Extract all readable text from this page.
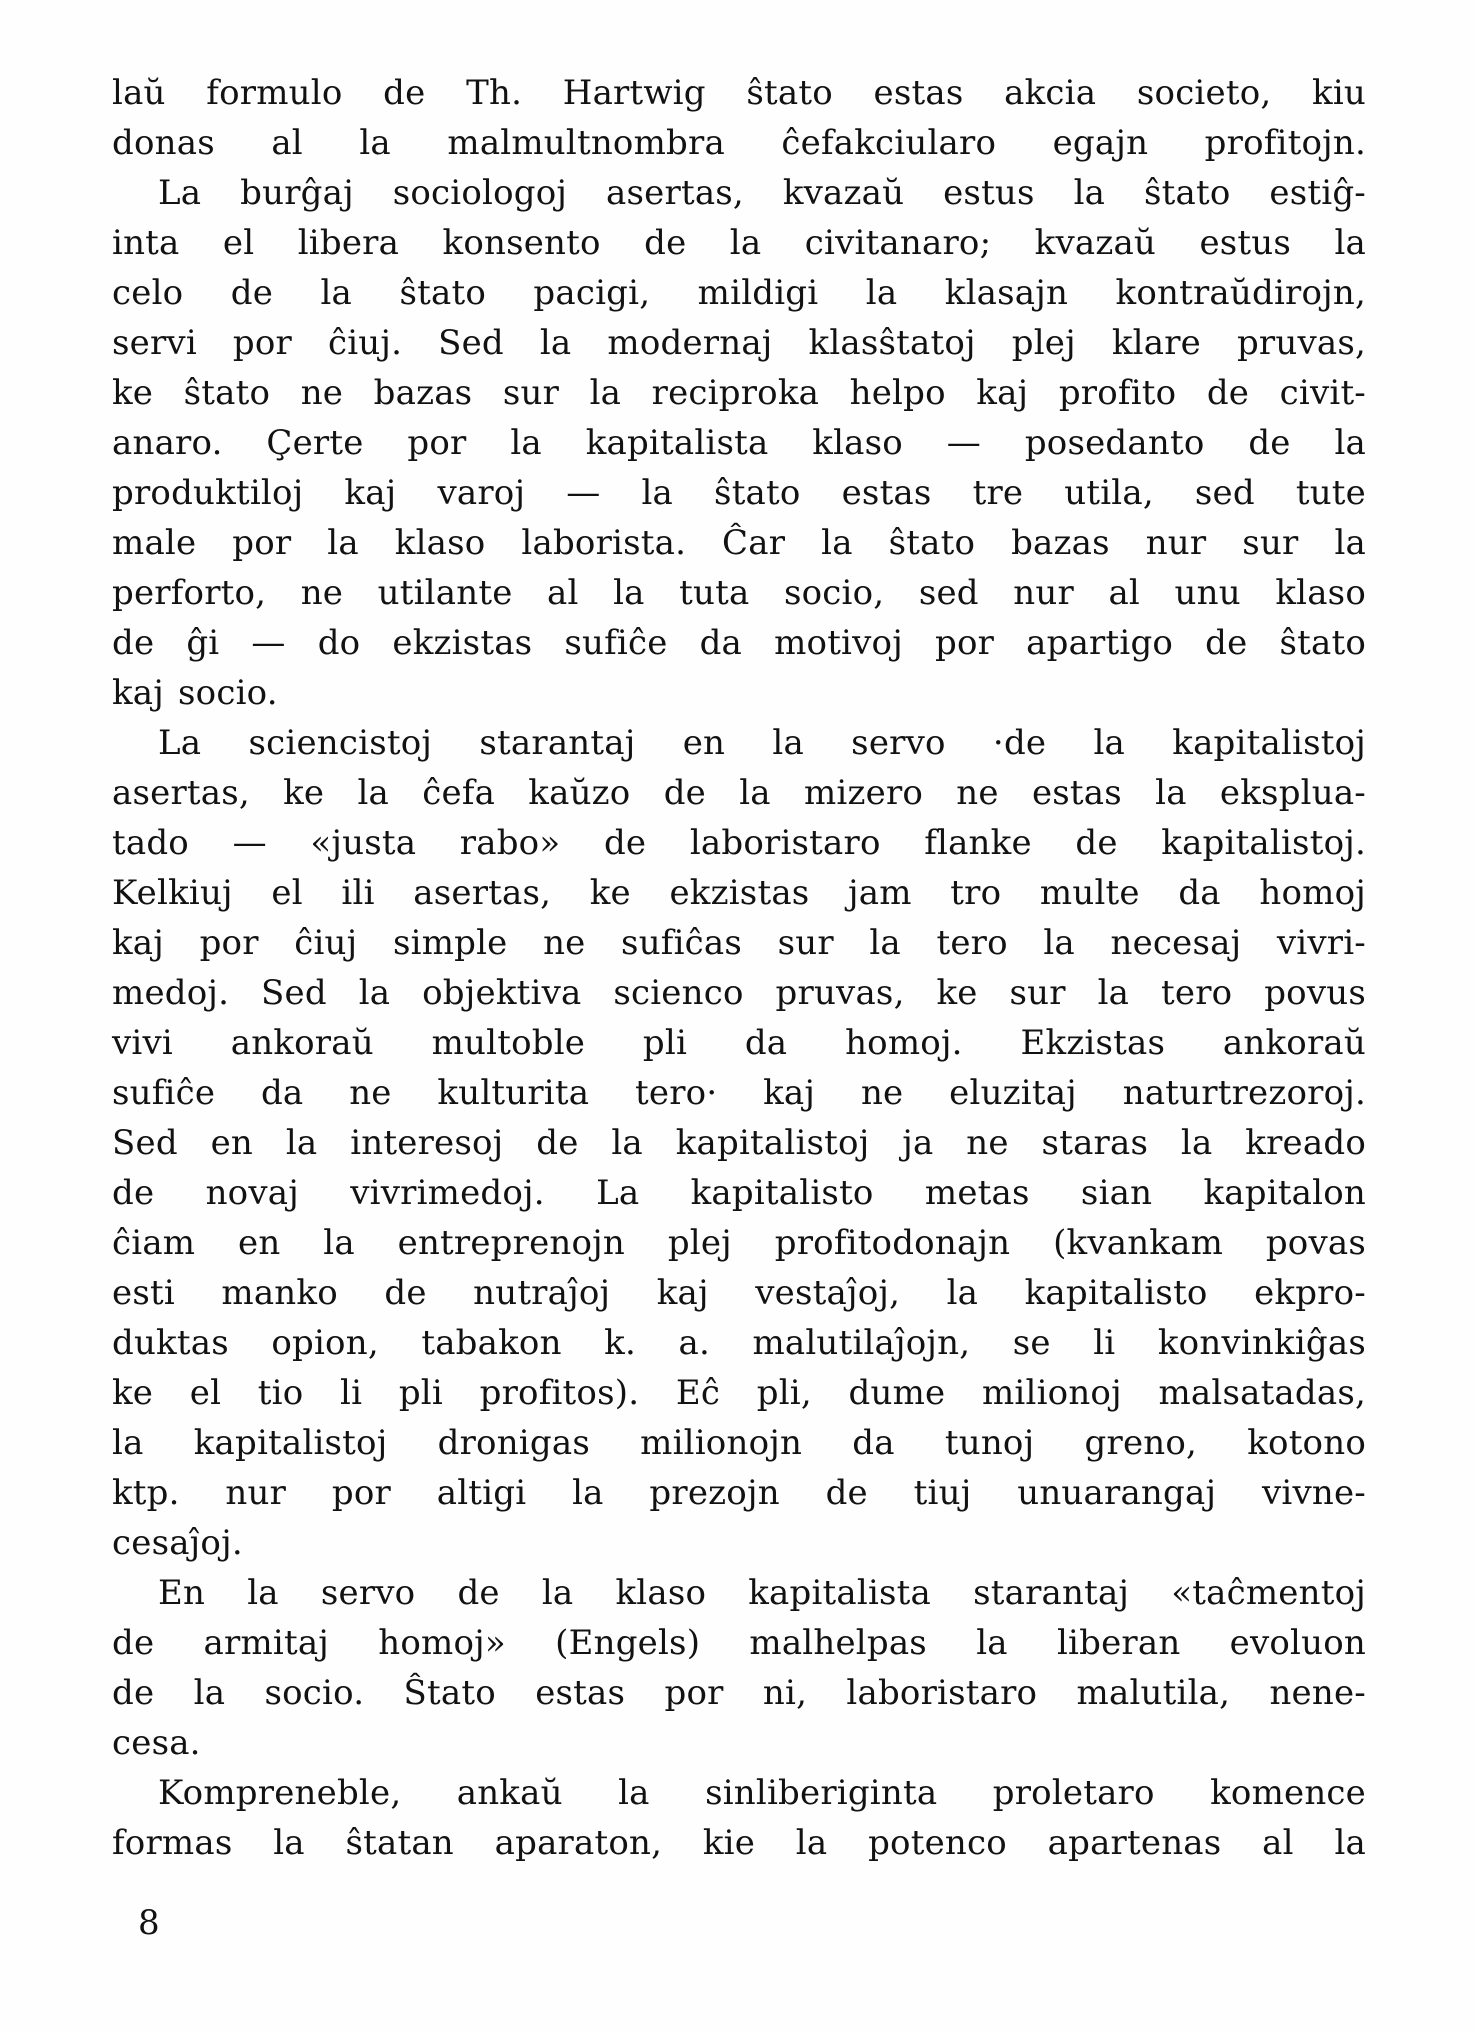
laŭ formulo de Th. Hartwig ŝtato estas akcia societo, kiu
donas al la malmultnombra ĉefakciularo egajn profitojn.
La burĝaj sociologoj asertas, kvazaŭ estus la ŝtato estiĝ-
inta el libera konsento de la civitanaro; kvazaŭ estus la
celo de la ŝtato pacigi, mildigi la klasajn kontraŭdirojn,
servi por ĉiuj. Sed la modernaj klasŝtatoj plej klare pruvas,
ke ŝtato ne bazas sur la reciproka helpo kaj profito de civit-
anaro. Çerte por la kapitalista klaso — posedanto de la
produktiloj kaj varoj — la ŝtato estas tre utila, sed tute
male por la klaso laborista. Ĉar la ŝtato bazas nur sur la
perforto, ne utilante al la tuta socio, sed nur al unu klaso
de ĝi — do ekzistas sufiĉe da motivoj por apartigo de ŝtato
kaj socio.
La sciencistoj starantaj en la servo ·de la kapitalistoj
asertas, ke la ĉefa kaŭzo de la mizero ne estas la eksplua-
tado — «justa rabo» de laboristaro flanke de kapitalistoj.
Kelkiuj el ili asertas, ke ekzistas jam tro multe da homoj
kaj por ĉiuj simple ne sufiĉas sur la tero la necesaj vivri-
medoj. Sed la objektiva scienco pruvas, ke sur la tero povus
vivi ankoraŭ multoble pli da homoj. Ekzistas ankoraŭ
sufiĉe da ne kulturita tero· kaj ne eluzitaj naturtrezoroj.
Sed en la interesoj de la kapitalistoj ja ne staras la kreado
de novaj vivrimedoj. La kapitalisto metas sian kapitalon
ĉiam en la entreprenojn plej profitodonajn (kvankam povas
esti manko de nutraĵoj kaj vestaĵoj, la kapitalisto ekpro-
duktas opion, tabakon k. a. malutilaĵojn, se li konvinkiĝas
ke el tio li pli profitos). Eĉ pli, dume milionoj malsatadas,
la kapitalistoj dronigas milionojn da tunoj greno, kotono
ktp. nur por altigi la prezojn de tiuj unuarangaj vivne-
cesaĵoj.
En la servo de la klaso kapitalista starantaj «taĉmentoj
de armitaj homoj» (Engels) malhelpas la liberan evoluon
de la socio. Ŝtato estas por ni, laboristaro malutila, nene-
cesa.
Kompreneble, ankaŭ la sinliberiginta proletaro komence
formas la ŝtatan aparaton, kie la potenco apartenas al la
8
